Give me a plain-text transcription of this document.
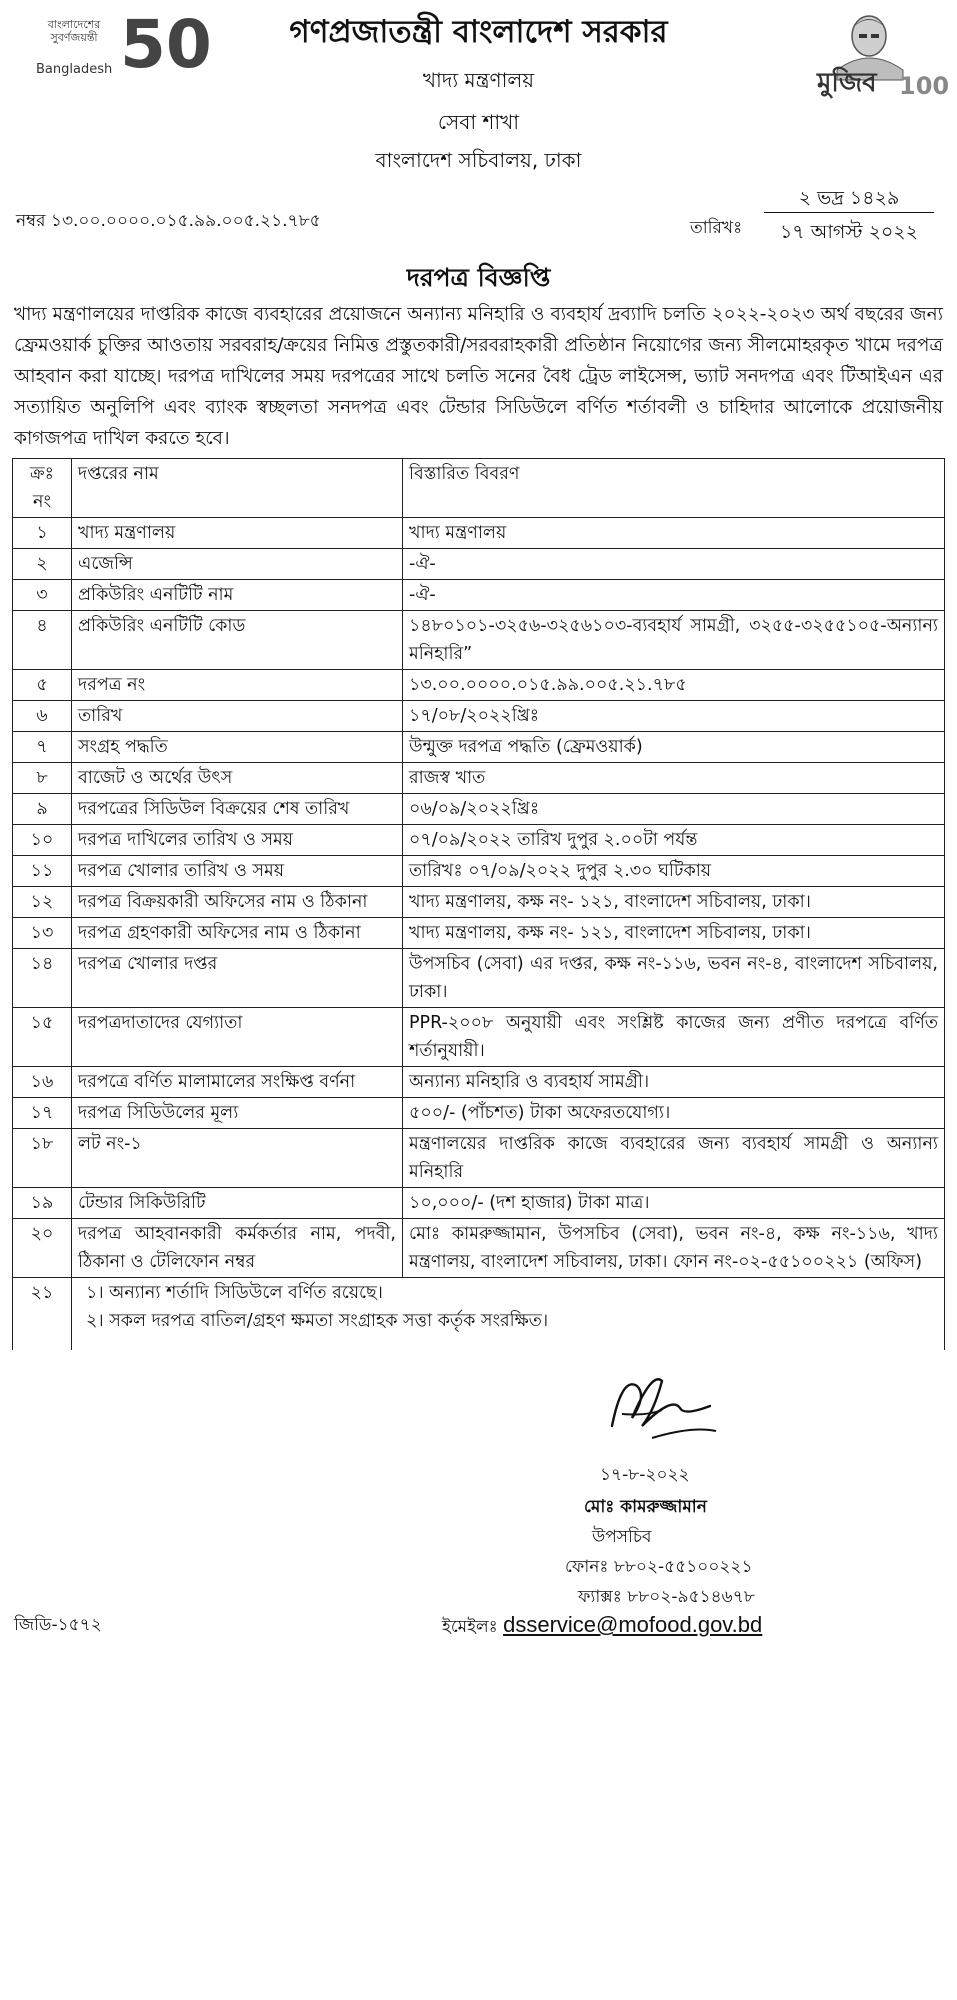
বাংলাদেশের সুবর্ণজয়ন্তী
Bangladesh 50	গণপ্রজাতন্ত্রী বাংলাদেশ সরকার
খাদ্য মন্ত্রণালয়
সেবা শাখা
বাংলাদেশ সচিবালয়, ঢাকা
মুজিব 100
নম্বর ১৩.০০.০০০০.০১৫.৯৯.০০৫.২১.৭৮৫	তারিখঃ
২ ভদ্র ১৪২৯
১৭ আগস্ট ২০২২
দরপত্র বিজ্ঞপ্তি
খাদ্য মন্ত্রণালয়ের দাপ্তরিক কাজে ব্যবহারের প্রয়োজনে অন্যান্য মনিহারি ও ব্যবহার্য দ্রব্যাদি চলতি ২০২২-২০২৩ অর্থ বছরের জন্য ফ্রেমওয়ার্ক চুক্তির আওতায় সরবরাহ/ক্রয়ের নিমিত্ত প্রস্তুতকারী/সরবরাহকারী প্রতিষ্ঠান নিয়োগের জন্য সীলমোহরকৃত খামে দরপত্র আহবান করা যাচ্ছে। দরপত্র দাখিলের সময় দরপত্রের সাথে চলতি সনের বৈধ ট্রেড লাইসেন্স, ভ্যাট সনদপত্র এবং টিআইএন এর সত্যায়িত অনুলিপি এবং ব্যাংক স্বচ্ছলতা সনদপত্র এবং টেন্ডার সিডিউলে বর্ণিত শর্তাবলী ও চাহিদার আলোকে প্রয়োজনীয় কাগজপত্র দাখিল করতে হবে।
ক্রঃ নং	দপ্তরের নাম	বিস্তারিত বিবরণ
১	খাদ্য মন্ত্রণালয়	খাদ্য মন্ত্রণালয়
২	এজেন্সি	-ঐ-
৩	প্রকিউরিং এনটিটি নাম	-ঐ-
৪	প্রকিউরিং এনটিটি কোড	১৪৮০১০১-৩২৫৬-৩২৫৬১০৩-ব্যবহার্য সামগ্রী, ৩২৫৫-৩২৫৫১০৫-অন্যান্য মনিহারি”
৫	দরপত্র নং	১৩.০০.০০০০.০১৫.৯৯.০০৫.২১.৭৮৫
৬	তারিখ	১৭/০৮/২০২২খ্রিঃ
৭	সংগ্রহ পদ্ধতি	উন্মুক্ত দরপত্র পদ্ধতি (ফ্রেমওয়ার্ক)
৮	বাজেট ও অর্থের উৎস	রাজস্ব খাত
৯	দরপত্রের সিডিউল বিক্রয়ের শেষ তারিখ	০৬/০৯/২০২২খ্রিঃ
১০	দরপত্র দাখিলের তারিখ ও সময়	০৭/০৯/২০২২ তারিখ দুপুর ২.০০টা পর্যন্ত
১১	দরপত্র খোলার তারিখ ও সময়	তারিখঃ ০৭/০৯/২০২২ দুপুর ২.৩০ ঘটিকায়
১২	দরপত্র বিক্রয়কারী অফিসের নাম ও ঠিকানা	খাদ্য মন্ত্রণালয়, কক্ষ নং- ১২১, বাংলাদেশ সচিবালয়, ঢাকা।
১৩	দরপত্র গ্রহণকারী অফিসের নাম ও ঠিকানা	খাদ্য মন্ত্রণালয়, কক্ষ নং- ১২১, বাংলাদেশ সচিবালয়, ঢাকা।
১৪	দরপত্র খোলার দপ্তর	উপসচিব (সেবা) এর দপ্তর, কক্ষ নং-১১৬, ভবন নং-৪, বাংলাদেশ সচিবালয়, ঢাকা।
১৫	দরপত্রদাতাদের যেগ্যাতা	PPR-২০০৮ অনুযায়ী এবং সংশ্লিষ্ট কাজের জন্য প্রণীত দরপত্রে বর্ণিত শর্তানুযায়ী।
১৬	দরপত্রে বর্ণিত মালামালের সংক্ষিপ্ত বর্ণনা	অন্যান্য মনিহারি ও ব্যবহার্য সামগ্রী।
১৭	দরপত্র সিডিউলের মূল্য	৫০০/- (পাঁচশত) টাকা অফেরতযোগ্য।
১৮	লট নং-১	মন্ত্রণালয়ের দাপ্তরিক কাজে ব্যবহারের জন্য ব্যবহার্য সামগ্রী ও অন্যান্য মনিহারি
১৯	টেন্ডার সিকিউরিটি	১০,০০০/- (দশ হাজার) টাকা মাত্র।
২০	দরপত্র আহবানকারী কর্মকর্তার নাম, পদবী, ঠিকানা ও টেলিফোন নম্বর	মোঃ কামরুজ্জামান, উপসচিব (সেবা), ভবন নং-৪, কক্ষ নং-১১৬, খাদ্য মন্ত্রণালয়, বাংলাদেশ সচিবালয়, ঢাকা। ফোন নং-০২-৫৫১০০২২১ (অফিস)
২১	১। অন্যান্য শর্তাদি সিডিউলে বর্ণিত রয়েছে।
২। সকল দরপত্র বাতিল/গ্রহণ ক্ষমতা সংগ্রাহক সত্তা কর্তৃক সংরক্ষিত।	
১৭-৮-২০২২
মোঃ কামরুজ্জামান
উপসচিব
ফোনঃ ৮৮০২-৫৫১০০২২১
ফ্যাক্সঃ ৮৮০২-৯৫১৪৬৭৮
ইমেইলঃ dsservice@mofood.gov.bd
জিডি-১৫৭২
